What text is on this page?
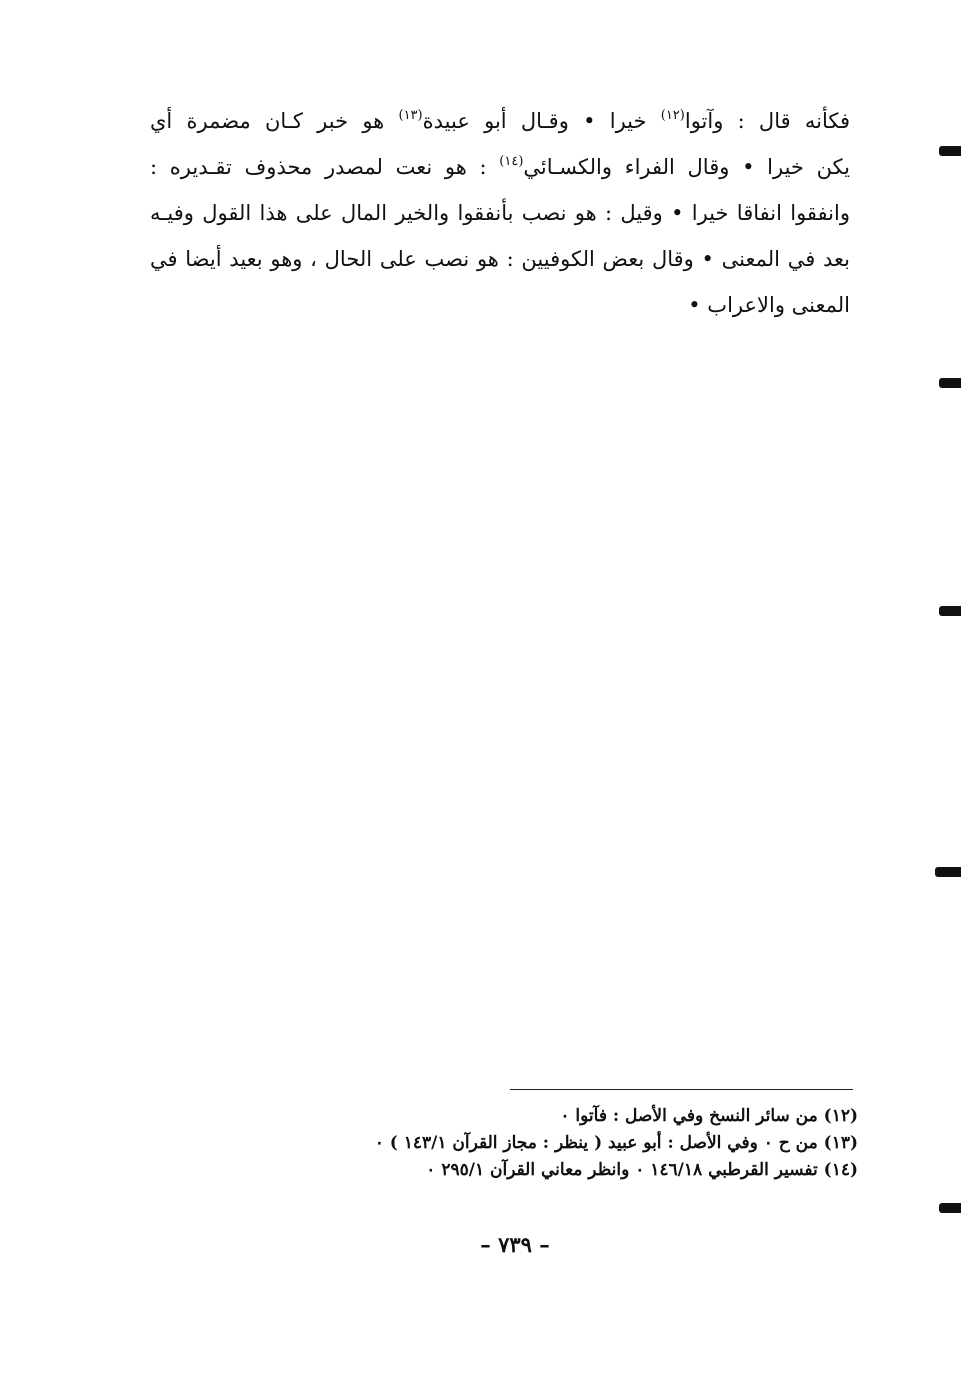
فكأنه قال : وآتوا$^{(١٢)}$ خيرا • وقـال أبو عبيدة$^{(١٣)}$ هو خبر كـان مضمرة أي
يكن خيرا • وقال الفراء والكسـائي$^{(١٤)}$ : هو نعت لمصدر محذوف تقـديره :
وانفقوا انفاقا خيرا • وقيل : هو نصب بأنفقوا والخير المال على هذا القول وفيـه
بعد في المعنى • وقال بعض الكوفيين : هو نصب على الحال ، وهو بعيد أيضا في
المعنى والاعراب •
(١٢) من سائر النسخ وفي الأصل : فآتوا ٠
(١٣) من ح ٠ وفي الأصل : أبو عبيد ( ينظر : مجاز القرآن ١٤٣/١ ) ٠
(١٤) تفسير القرطبي ١٤٦/١٨ ٠ وانظر معاني القرآن ٢٩٥/١ ٠
– ٧٣٩ –
